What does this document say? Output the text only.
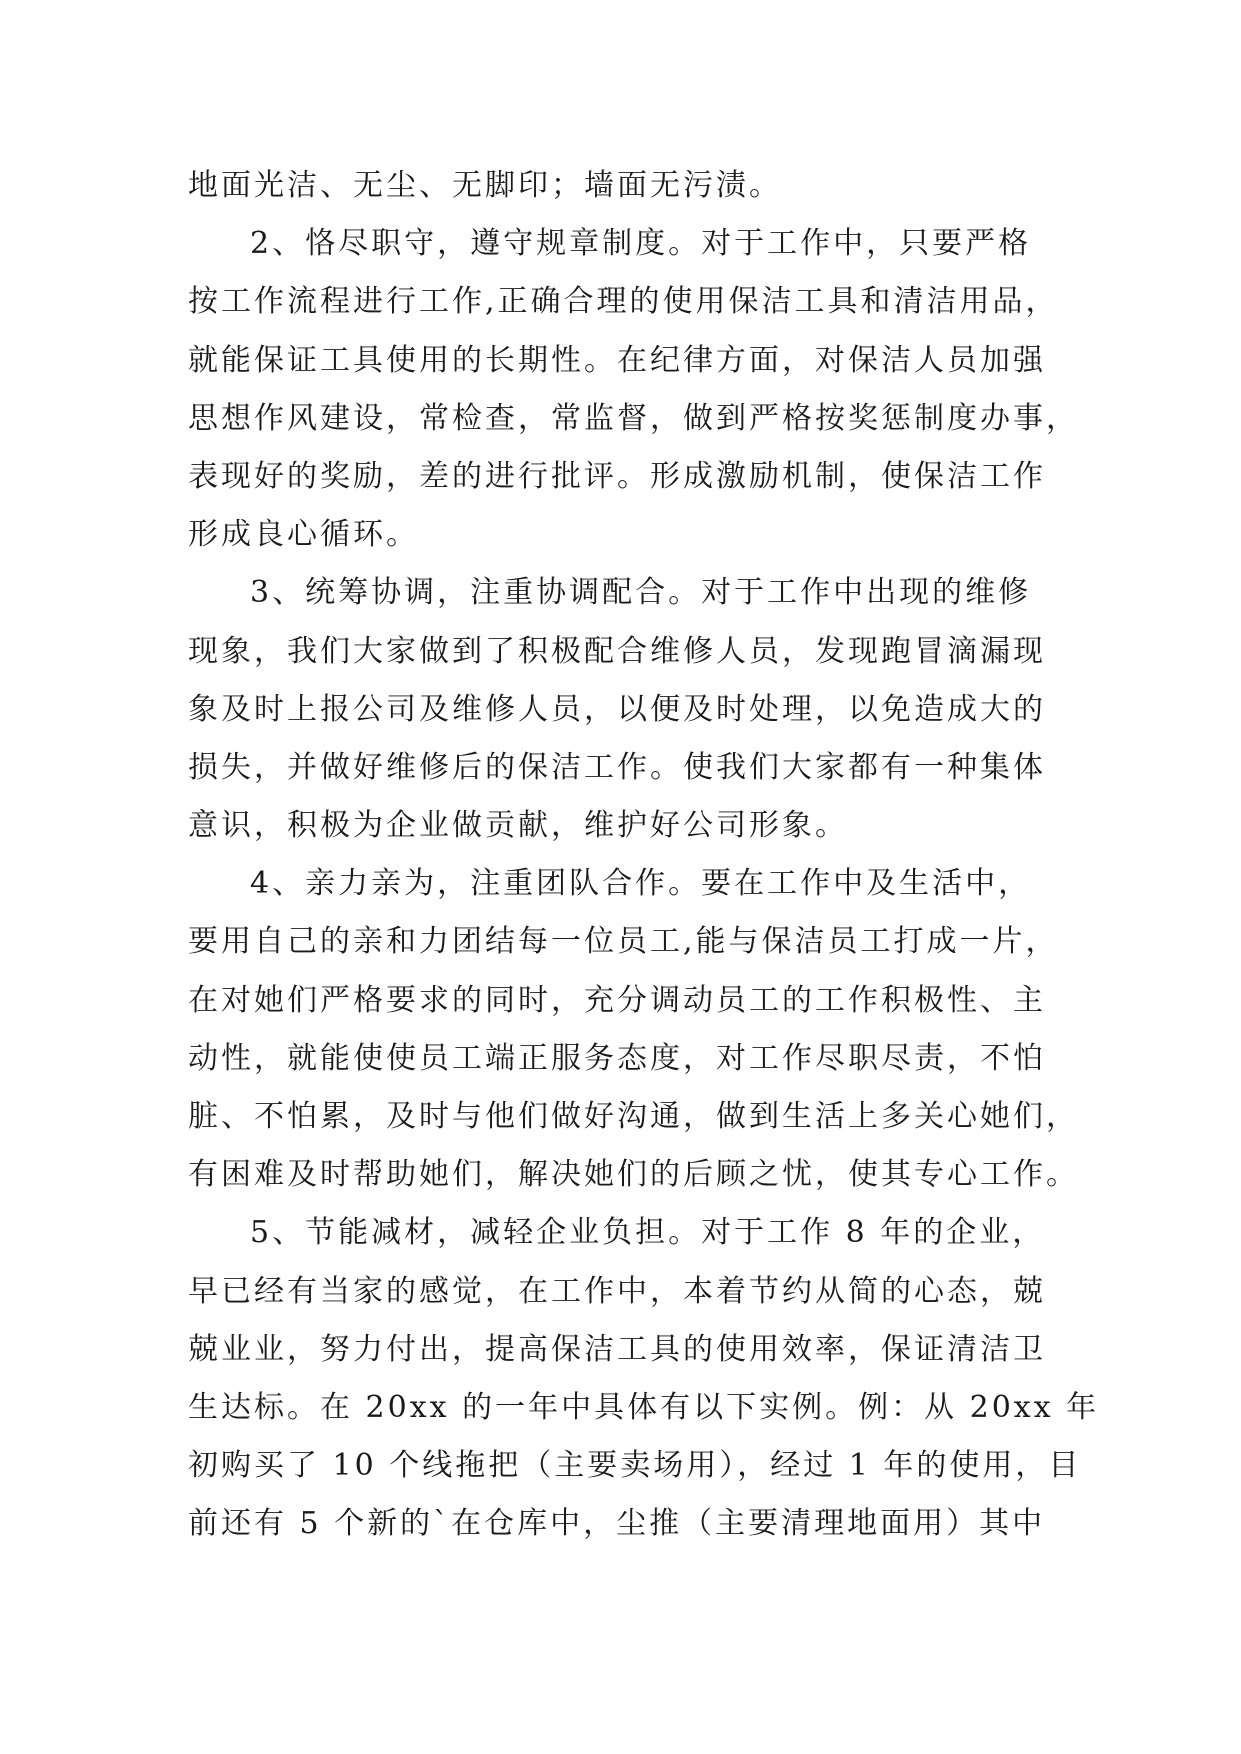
地面光洁、无尘、无脚印；墙面无污渍。
2、恪尽职守，遵守规章制度。对于工作中，只要严格
按工作流程进行工作,正确合理的使用保洁工具和清洁用品，
就能保证工具使用的长期性。在纪律方面，对保洁人员加强
思想作风建设，常检查，常监督，做到严格按奖惩制度办事，
表现好的奖励，差的进行批评。形成激励机制，使保洁工作
形成良心循环。
3、统筹协调，注重协调配合。对于工作中出现的维修
现象，我们大家做到了积极配合维修人员，发现跑冒滴漏现
象及时上报公司及维修人员，以便及时处理，以免造成大的
损失，并做好维修后的保洁工作。使我们大家都有一种集体
意识，积极为企业做贡献，维护好公司形象。
4、亲力亲为，注重团队合作。要在工作中及生活中，
要用自己的亲和力团结每一位员工,能与保洁员工打成一片，
在对她们严格要求的同时，充分调动员工的工作积极性、主
动性，就能使使员工端正服务态度，对工作尽职尽责，不怕
脏、不怕累，及时与他们做好沟通，做到生活上多关心她们，
有困难及时帮助她们，解决她们的后顾之忧，使其专心工作。
5、节能减材，减轻企业负担。对于工作 8 年的企业，
早已经有当家的感觉，在工作中，本着节约从简的心态，兢
兢业业，努力付出，提高保洁工具的使用效率，保证清洁卫
生达标。在 20xx 的一年中具体有以下实例。例：从 20xx 年
初购买了 10 个线拖把（主要卖场用），经过 1 年的使用，目
前还有 5 个新的`在仓库中，尘推（主要清理地面用）其中
